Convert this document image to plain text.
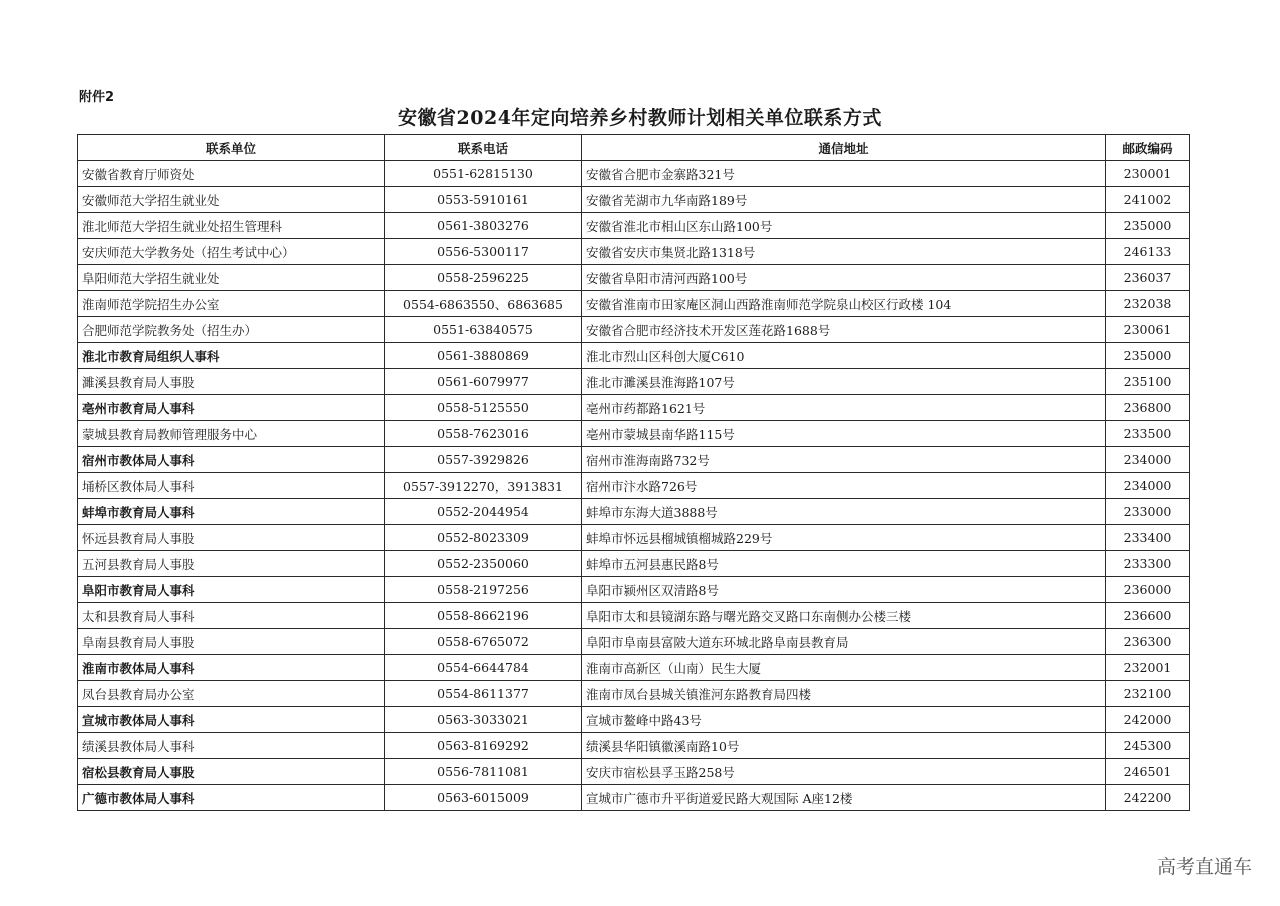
附件2
安徽省2024年定向培养乡村教师计划相关单位联系方式
联系单位	联系电话	通信地址	邮政编码
安徽省教育厅师资处	0551-62815130	安徽省合肥市金寨路321号	230001
安徽师范大学招生就业处	0553-5910161	安徽省芜湖市九华南路189号	241002
淮北师范大学招生就业处招生管理科	0561-3803276	安徽省淮北市相山区东山路100号	235000
安庆师范大学教务处（招生考试中心）	0556-5300117	安徽省安庆市集贤北路1318号	246133
阜阳师范大学招生就业处	0558-2596225	安徽省阜阳市清河西路100号	236037
淮南师范学院招生办公室	0554-6863550、6863685	安徽省淮南市田家庵区洞山西路淮南师范学院泉山校区行政楼 104	232038
合肥师范学院教务处（招生办）	0551-63840575	安徽省合肥市经济技术开发区莲花路1688号	230061
淮北市教育局组织人事科	0561-3880869	淮北市烈山区科创大厦C610	235000
濉溪县教育局人事股	0561-6079977	淮北市濉溪县淮海路107号	235100
亳州市教育局人事科	0558-5125550	亳州市药都路1621号	236800
蒙城县教育局教师管理服务中心	0558-7623016	亳州市蒙城县南华路115号	233500
宿州市教体局人事科	0557-3929826	宿州市淮海南路732号	234000
埇桥区教体局人事科	0557-3912270，3913831	宿州市汴水路726号	234000
蚌埠市教育局人事科	0552-2044954	蚌埠市东海大道3888号	233000
怀远县教育局人事股	0552-8023309	蚌埠市怀远县榴城镇榴城路229号	233400
五河县教育局人事股	0552-2350060	蚌埠市五河县惠民路8号	233300
阜阳市教育局人事科	0558-2197256	阜阳市颍州区双清路8号	236000
太和县教育局人事科	0558-8662196	阜阳市太和县镜湖东路与曙光路交叉路口东南侧办公楼三楼	236600
阜南县教育局人事股	0558-6765072	阜阳市阜南县富陂大道东环城北路阜南县教育局	236300
淮南市教体局人事科	0554-6644784	淮南市高新区（山南）民生大厦	232001
凤台县教育局办公室	0554-8611377	淮南市凤台县城关镇淮河东路教育局四楼	232100
宣城市教体局人事科	0563-3033021	宣城市鳌峰中路43号	242000
绩溪县教体局人事科	0563-8169292	绩溪县华阳镇徽溪南路10号	245300
宿松县教育局人事股	0556-7811081	安庆市宿松县孚玉路258号	246501
广德市教体局人事科	0563-6015009	宣城市广德市升平街道爱民路大观国际 A座12楼	242200
高考直通车
